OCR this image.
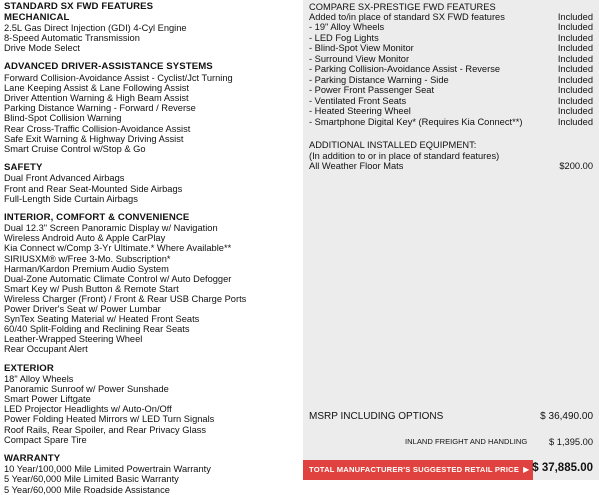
STANDARD SX FWD FEATURES
MECHANICAL
2.5L Gas Direct Injection (GDI) 4-Cyl Engine
8-Speed Automatic Transmission
Drive Mode Select
ADVANCED DRIVER-ASSISTANCE SYSTEMS
Forward Collision-Avoidance Assist - Cyclist/Jct Turning
Lane Keeping Assist & Lane Following Assist
Driver Attention Warning & High Beam Assist
Parking Distance Warning - Forward / Reverse
Blind-Spot Collision Warning
Rear Cross-Traffic Collision-Avoidance Assist
Safe Exit Warning & Highway Driving Assist
Smart Cruise Control w/Stop & Go
SAFETY
Dual Front Advanced Airbags
Front and Rear Seat-Mounted Side Airbags
Full-Length Side Curtain Airbags
INTERIOR, COMFORT & CONVENIENCE
Dual 12.3" Screen Panoramic Display w/ Navigation
Wireless Android Auto & Apple CarPlay
Kia Connect w/Comp 3-Yr Ultimate.* Where Available**
SIRIUSXM® w/Free 3-Mo. Subscription*
Harman/Kardon Premium Audio System
Dual-Zone Automatic Climate Control w/ Auto Defogger
Smart Key w/ Push Button & Remote Start
Wireless Charger (Front) / Front & Rear USB Charge Ports
Power Driver's Seat w/ Power Lumbar
SynTex Seating Material w/ Heated Front Seats
60/40 Split-Folding and Reclining Rear Seats
Leather-Wrapped Steering Wheel
Rear Occupant Alert
EXTERIOR
18" Alloy Wheels
Panoramic Sunroof w/ Power Sunshade
Smart Power Liftgate
LED Projector Headlights w/ Auto-On/Off
Power Folding Heated Mirrors w/ LED Turn Signals
Roof Rails, Rear Spoiler, and Rear Privacy Glass
Compact Spare Tire
WARRANTY
10 Year/100,000 Mile Limited Powertrain Warranty
5 Year/60,000 Mile Limited Basic Warranty
5 Year/60,000 Mile Roadside Assistance
COMPARE SX-PRESTIGE FWD FEATURES
Added to/in place of standard SX FWD features	Included
- 19" Alloy Wheels	Included
- LED Fog Lights	Included
- Blind-Spot View Monitor	Included
- Surround View Monitor	Included
- Parking Collision-Avoidance Assist - Reverse	Included
- Parking Distance Warning - Side	Included
- Power Front Passenger Seat	Included
- Ventilated Front Seats	Included
- Heated Steering Wheel	Included
- Smartphone Digital Key* (Requires Kia Connect**)	Included
ADDITIONAL INSTALLED EQUIPMENT:
(In addition to or in place of standard features)
All Weather Floor Mats	$200.00
MSRP INCLUDING OPTIONS	$ 36,490.00
INLAND FREIGHT AND HANDLING $ 1,395.00
TOTAL MANUFACTURER'S SUGGESTED RETAIL PRICE ▶ $ 37,885.00
